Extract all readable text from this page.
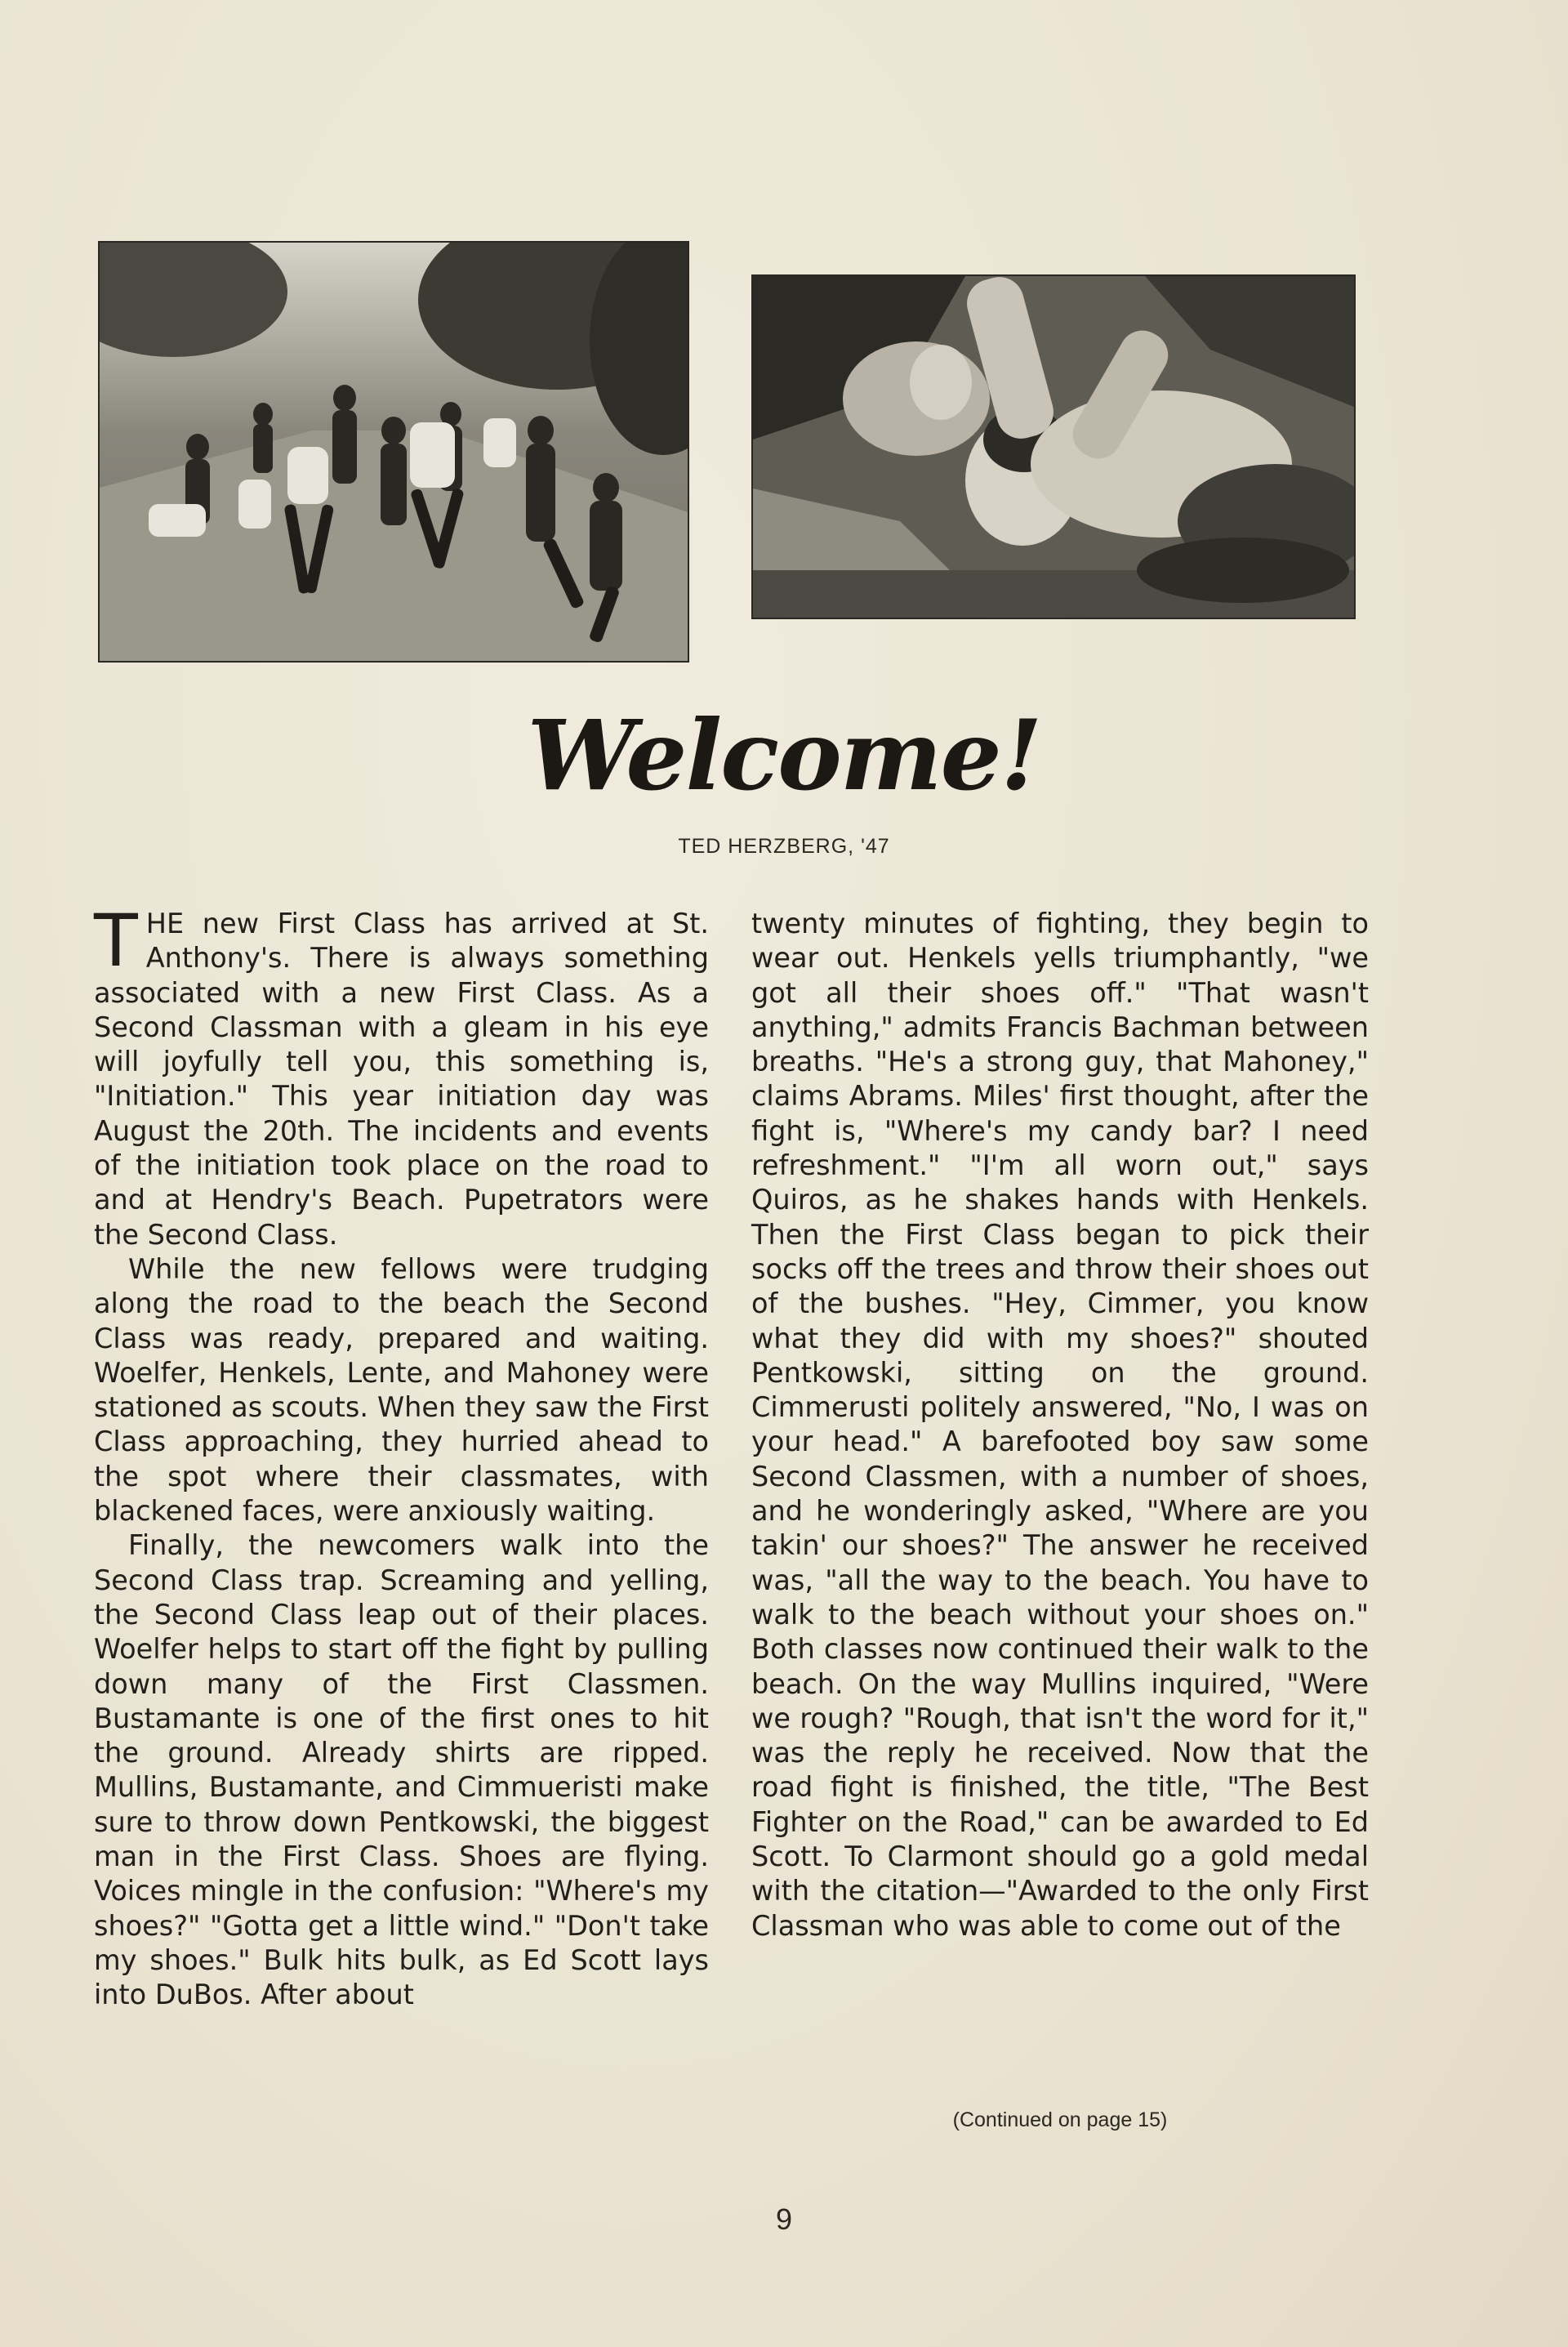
Welcome!
TED HERZBERG, '47

THE new First Class has arrived at St. Anthony's. There is always something associated with a new First Class. As a Second Classman with a gleam in his eye will joyfully tell you, this something is, "Initiation." This year initiation day was August the 20th. The incidents and events of the initiation took place on the road to and at Hendry's Beach. Pupetrators were the Second Class.

While the new fellows were trudging along the road to the beach the Second Class was ready, prepared and waiting. Woelfer, Henkels, Lente, and Mahoney were stationed as scouts. When they saw the First Class approaching, they hurried ahead to the spot where their classmates, with blackened faces, were anxiously waiting.

Finally, the newcomers walk into the Second Class trap. Screaming and yelling, the Second Class leap out of their places. Woelfer helps to start off the fight by pulling down many of the First Classmen. Bustamante is one of the first ones to hit the ground. Already shirts are ripped. Mullins, Bustamante, and Cimmueristi make sure to throw down Pentkowski, the biggest man in the First Class. Shoes are flying. Voices mingle in the confusion: "Where's my shoes?" "Gotta get a little wind." "Don't take my shoes." Bulk hits bulk, as Ed Scott lays into DuBos. After about

twenty minutes of fighting, they begin to wear out. Henkels yells triumphantly, "we got all their shoes off." "That wasn't anything," admits Francis Bachman between breaths. "He's a strong guy, that Mahoney," claims Abrams. Miles' first thought, after the fight is, "Where's my candy bar? I need refreshment." "I'm all worn out," says Quiros, as he shakes hands with Henkels. Then the First Class began to pick their socks off the trees and throw their shoes out of the bushes. "Hey, Cimmer, you know what they did with my shoes?" shouted Pentkowski, sitting on the ground. Cimmerusti politely answered, "No, I was on your head." A barefooted boy saw some Second Classmen, with a number of shoes, and he wonderingly asked, "Where are you takin' our shoes?" The answer he received was, "all the way to the beach. You have to walk to the beach without your shoes on." Both classes now continued their walk to the beach. On the way Mullins inquired, "Were we rough? "Rough, that isn't the word for it," was the reply he received. Now that the road fight is finished, the title, "The Best Fighter on the Road," can be awarded to Ed Scott. To Clarmont should go a gold medal with the citation—"Awarded to the only First Classman who was able to come out of the

(Continued on page 15)
9
